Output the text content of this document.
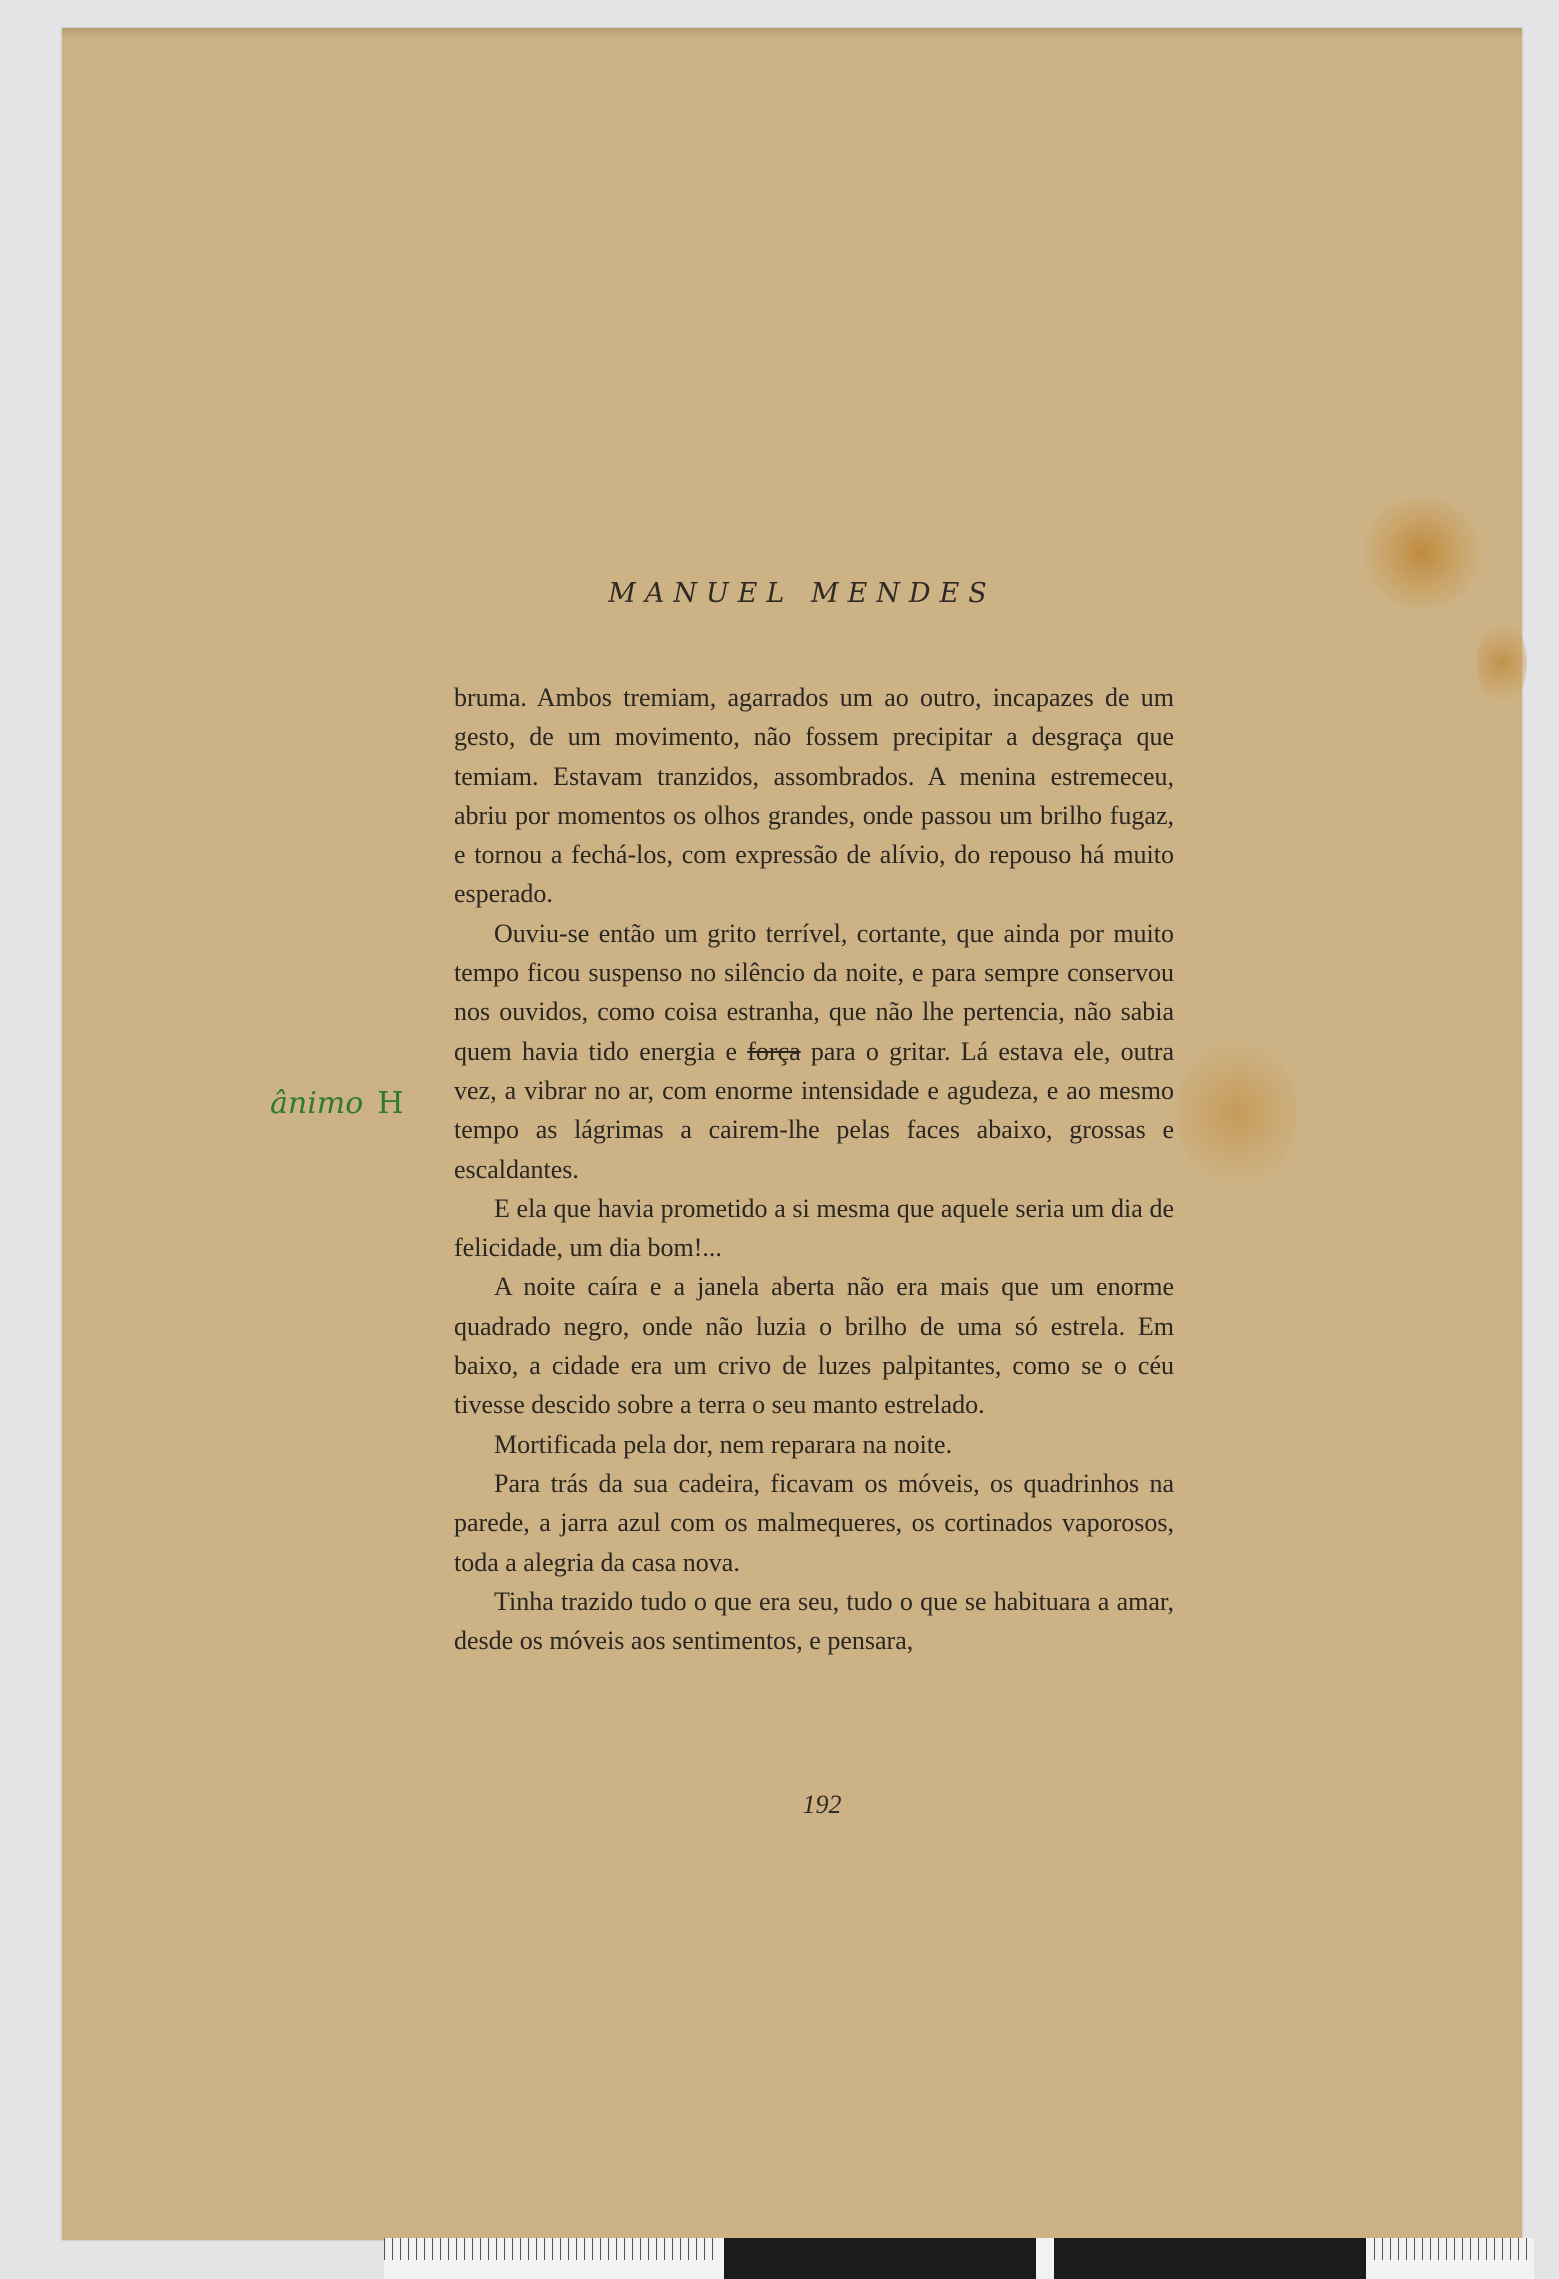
MANUEL MENDES
ânimo H

bruma. Ambos tremiam, agarrados um ao outro, incapazes de um gesto, de um movimento, não fossem precipitar a desgraça que temiam. Estavam tranzidos, assombrados. A menina estremeceu, abriu por momentos os olhos grandes, onde passou um brilho fugaz, e tornou a fechá-los, com expressão de alívio, do repouso há muito esperado.

Ouviu-se então um grito terrível, cortante, que ainda por muito tempo ficou suspenso no silêncio da noite, e para sempre conservou nos ouvidos, como coisa estranha, que não lhe pertencia, não sabia quem havia tido energia e força para o gritar. Lá estava ele, outra vez, a vibrar no ar, com enorme intensidade e agudeza, e ao mesmo tempo as lágrimas a cairem-lhe pelas faces abaixo, grossas e escaldantes.

E ela que havia prometido a si mesma que aquele seria um dia de felicidade, um dia bom!...

A noite caíra e a janela aberta não era mais que um enorme quadrado negro, onde não luzia o brilho de uma só estrela. Em baixo, a cidade era um crivo de luzes palpitantes, como se o céu tivesse descido sobre a terra o seu manto estrelado.

Mortificada pela dor, nem reparara na noite.

Para trás da sua cadeira, ficavam os móveis, os quadrinhos na parede, a jarra azul com os malmequeres, os cortinados vaporosos, toda a alegria da casa nova.

Tinha trazido tudo o que era seu, tudo o que se habituara a amar, desde os móveis aos sentimentos, e pensara,

192
